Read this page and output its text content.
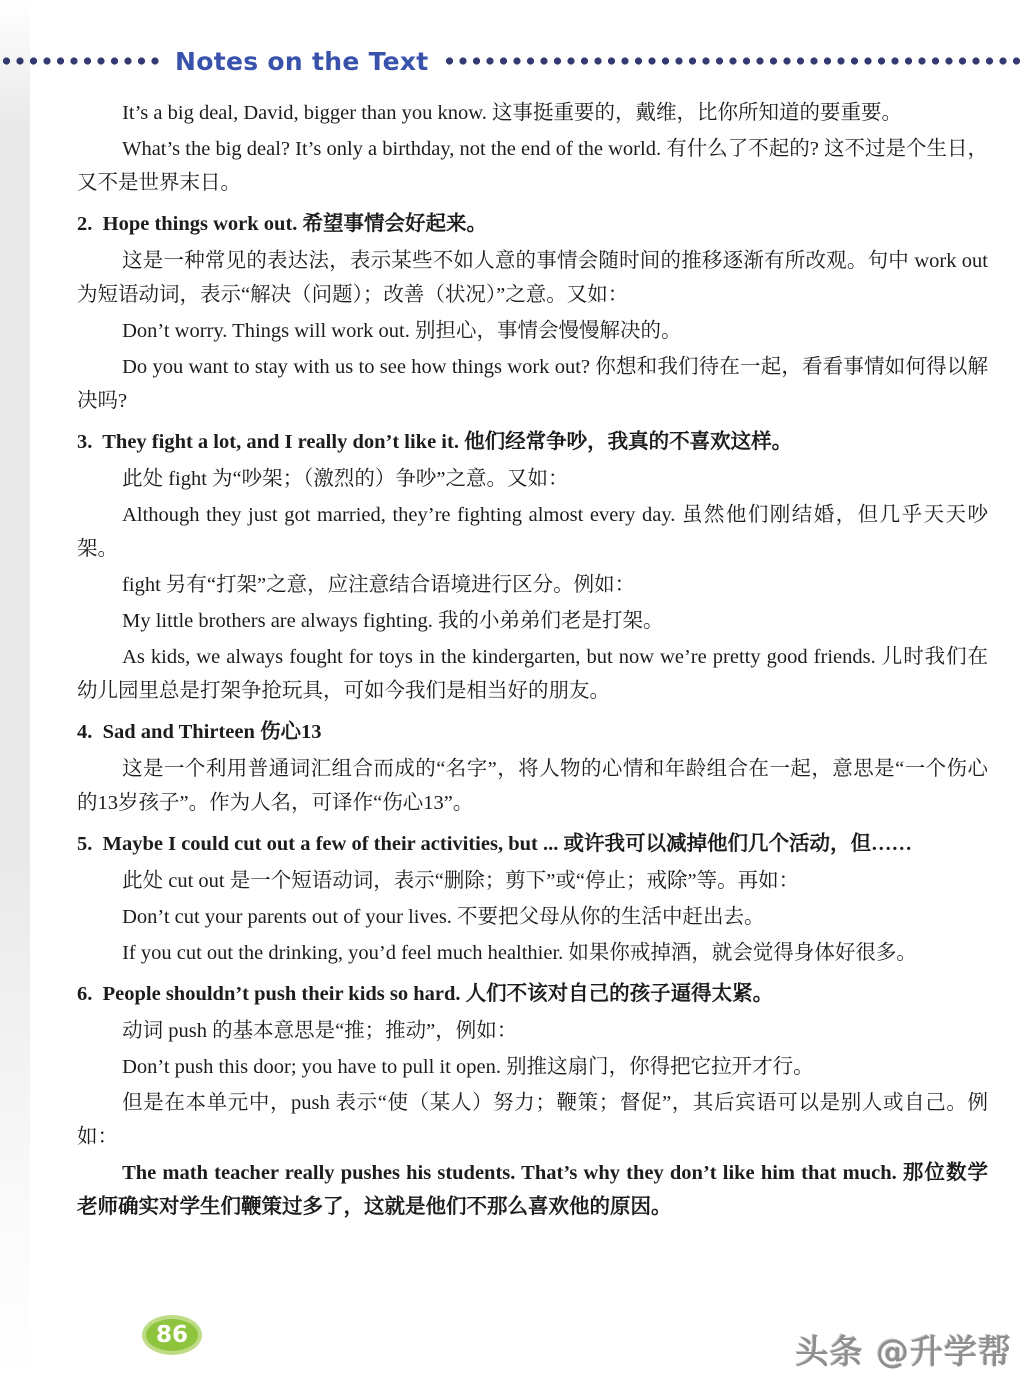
Notes on the Text

It’s a big deal, David, bigger than you know. 这事挺重要的，戴维，比你所知道的要重要。

What’s the big deal? It’s only a birthday, not the end of the world. 有什么了不起的? 这不过是个生日，又不是世界末日。

2.  Hope things work out. 希望事情会好起来。

这是一种常见的表达法，表示某些不如人意的事情会随时间的推移逐渐有所改观。句中 work out 为短语动词，表示“解决（问题）；改善（状况）”之意。又如：

Don’t worry. Things will work out. 别担心，事情会慢慢解决的。

Do you want to stay with us to see how things work out? 你想和我们待在一起，看看事情如何得以解决吗?

3.  They fight a lot, and I really don’t like it. 他们经常争吵，我真的不喜欢这样。

此处 fight 为“吵架；（激烈的）争吵”之意。又如：

Although they just got married, they’re fighting almost every day. 虽然他们刚结婚，但几乎天天吵架。

fight 另有“打架”之意，应注意结合语境进行区分。例如：

My little brothers are always fighting. 我的小弟弟们老是打架。

As kids, we always fought for toys in the kindergarten, but now we’re pretty good friends. 儿时我们在幼儿园里总是打架争抢玩具，可如今我们是相当好的朋友。

4.  Sad and Thirteen 伤心13

这是一个利用普通词汇组合而成的“名字”，将人物的心情和年龄组合在一起，意思是“一个伤心的13岁孩子”。作为人名，可译作“伤心13”。

5.  Maybe I could cut out a few of their activities, but ... 或许我可以减掉他们几个活动，但……

此处 cut out 是一个短语动词，表示“删除；剪下”或“停止；戒除”等。再如：

Don’t cut your parents out of your lives. 不要把父母从你的生活中赶出去。

If you cut out the drinking, you’d feel much healthier. 如果你戒掉酒，就会觉得身体好很多。

6.  People shouldn’t push their kids so hard. 人们不该对自己的孩子逼得太紧。

动词 push 的基本意思是“推；推动”，例如：

Don’t push this door; you have to pull it open. 别推这扇门，你得把它拉开才行。

但是在本单元中，push 表示“使（某人）努力；鞭策；督促”，其后宾语可以是别人或自己。例如：

The math teacher really pushes his students. That’s why they don’t like him that much. 那位数学老师确实对学生们鞭策过多了，这就是他们不那么喜欢他的原因。

86	头条 @升学帮
